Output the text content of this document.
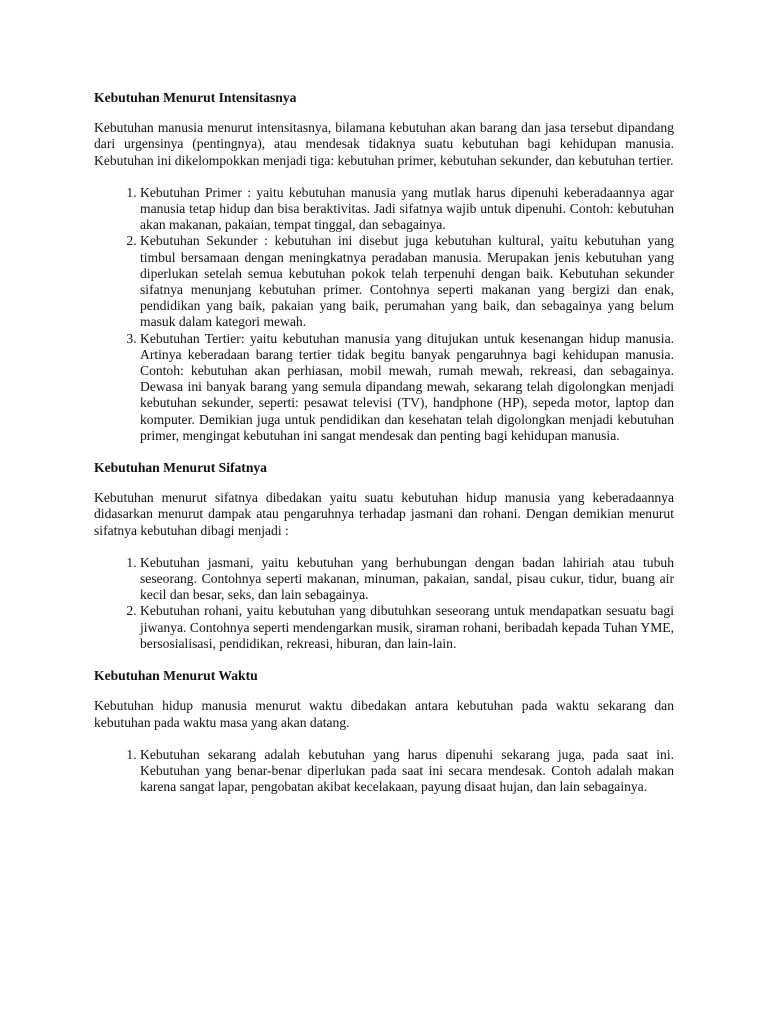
Kebutuhan Menurut Intensitasnya

Kebutuhan manusia menurut intensitasnya, bilamana kebutuhan akan barang dan jasa tersebut dipandang dari urgensinya (pentingnya), atau mendesak tidaknya suatu kebutuhan bagi kehidupan manusia. Kebutuhan ini dikelompokkan menjadi tiga: kebutuhan primer, kebutuhan sekunder, dan kebutuhan tertier.

1. Kebutuhan Primer : yaitu kebutuhan manusia yang mutlak harus dipenuhi keberadaannya agar manusia tetap hidup dan bisa beraktivitas. Jadi sifatnya wajib untuk dipenuhi. Contoh: kebutuhan akan makanan, pakaian, tempat tinggal, dan sebagainya.
2. Kebutuhan Sekunder : kebutuhan ini disebut juga kebutuhan kultural, yaitu kebutuhan yang timbul bersamaan dengan meningkatnya peradaban manusia. Merupakan jenis kebutuhan yang diperlukan setelah semua kebutuhan pokok telah terpenuhi dengan baik. Kebutuhan sekunder sifatnya menunjang kebutuhan primer. Contohnya seperti makanan yang bergizi dan enak, pendidikan yang baik, pakaian yang baik, perumahan yang baik, dan sebagainya yang belum masuk dalam kategori mewah.
3. Kebutuhan Tertier: yaitu kebutuhan manusia yang ditujukan untuk kesenangan hidup manusia. Artinya keberadaan barang tertier tidak begitu banyak pengaruhnya bagi kehidupan manusia. Contoh: kebutuhan akan perhiasan, mobil mewah, rumah mewah, rekreasi, dan sebagainya. Dewasa ini banyak barang yang semula dipandang mewah, sekarang telah digolongkan menjadi kebutuhan sekunder, seperti: pesawat televisi (TV), handphone (HP), sepeda motor, laptop dan komputer. Demikian juga untuk pendidikan dan kesehatan telah digolongkan menjadi kebutuhan primer, mengingat kebutuhan ini sangat mendesak dan penting bagi kehidupan manusia.
Kebutuhan Menurut Sifatnya

Kebutuhan menurut sifatnya dibedakan yaitu suatu kebutuhan hidup manusia yang keberadaannya didasarkan menurut dampak atau pengaruhnya terhadap jasmani dan rohani. Dengan demikian menurut sifatnya kebutuhan dibagi menjadi :

1. Kebutuhan jasmani, yaitu kebutuhan yang berhubungan dengan badan lahiriah atau tubuh seseorang. Contohnya seperti makanan, minuman, pakaian, sandal, pisau cukur, tidur, buang air kecil dan besar, seks, dan lain sebagainya.
2. Kebutuhan rohani, yaitu kebutuhan yang dibutuhkan seseorang untuk mendapatkan sesuatu bagi jiwanya. Contohnya seperti mendengarkan musik, siraman rohani, beribadah kepada Tuhan YME, bersosialisasi, pendidikan, rekreasi, hiburan, dan lain-lain.
Kebutuhan Menurut Waktu

Kebutuhan hidup manusia menurut waktu dibedakan antara kebutuhan pada waktu sekarang dan kebutuhan pada waktu masa yang akan datang.

1. Kebutuhan sekarang adalah kebutuhan yang harus dipenuhi sekarang juga, pada saat ini. Kebutuhan yang benar-benar diperlukan pada saat ini secara mendesak. Contoh adalah makan karena sangat lapar, pengobatan akibat kecelakaan, payung disaat hujan, dan lain sebagainya.
